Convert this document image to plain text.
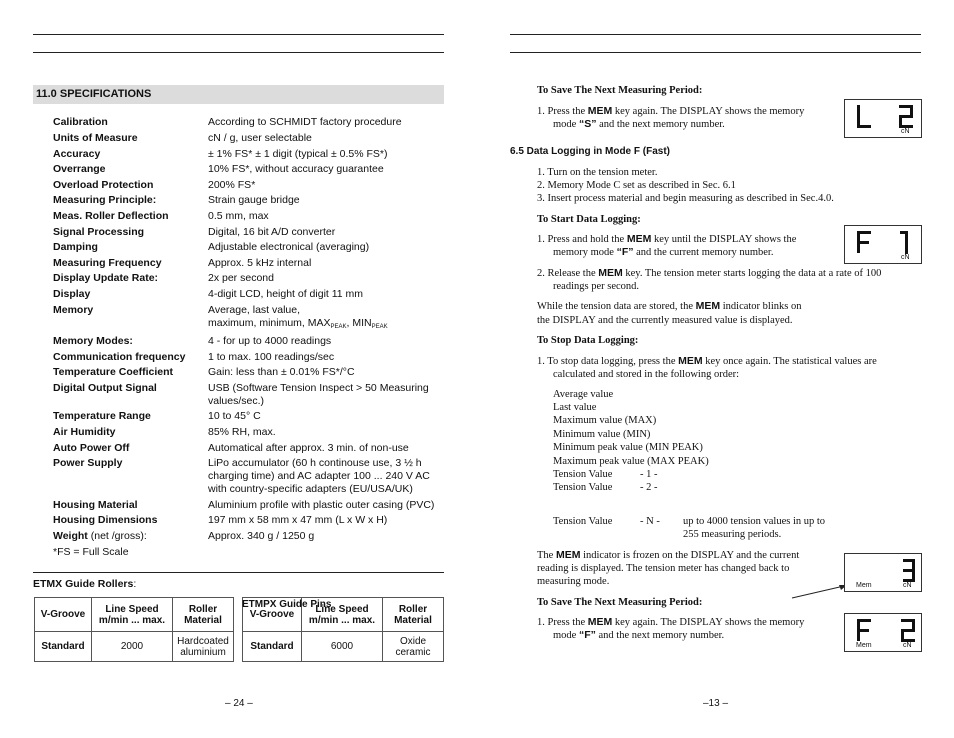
11.0 SPECIFICATIONS
Calibration	According to SCHMIDT factory procedure
Units of Measure	cN / g, user selectable
Accuracy	± 1% FS* ± 1 digit (typical ± 0.5% FS*)
Overrange	10% FS*, without accuracy guarantee
Overload Protection	200% FS*
Measuring Principle:	Strain gauge bridge
Meas. Roller Deflection	0.5 mm, max
Signal Processing	Digital, 16 bit A/D converter
Damping	Adjustable electronical (averaging)
Measuring Frequency	Approx. 5 kHz internal
Display Update Rate:	2x per second
Display	4-digit LCD, height of digit 11 mm
Memory	Average, last value,
maximum, minimum, $MAX_{PEAK}$, $MIN_{PEAK}$
Memory Modes:	4 - for up to 4000 readings
Communication frequency	1 to max. 100 readings/sec
Temperature Coefficient	Gain: less than ± 0.01% FS*/°C
Digital Output Signal	USB (Software Tension Inspect > 50 Measuring
values/sec.)
Temperature Range	10 to 45° C
Air Humidity	85% RH, max.
Auto Power Off	Automatical after approx. 3 min. of non-use
Power Supply	LiPo accumulator (60 h continouse use, 3 ½ h
charging time) and AC adapter 100 ... 240 V AC
with country-specific adapters (EU/USA/UK)
Housing Material	Aluminium profile with plastic outer casing (PVC)
Housing Dimensions	197 mm x 58 mm x 47 mm (L x W x H)
Weight (net /gross):	Approx. 340 g / 1250 g
*FS = Full Scale
ETMX Guide Rollers:
V-Groove	Line Speed m/min ... max.	Roller Material
Standard	2000	Hardcoated aluminium
V-Groove	Line Speed m/min ... max.	Roller Material
Standard	6000	Oxide ceramic
ETMPX Guide Pins
– 24 –
To Save The Next Measuring Period:
1. Press the MEM key again. The DISPLAY shows the memory
mode “S” and the next memory number.
cN
6.5 Data Logging in Mode F (Fast)
1. Turn on the tension meter.
2. Memory Mode C set as described in Sec. 6.1
3. Insert process material and begin measuring as described in Sec.4.0.
To Start Data Logging:
1. Press and hold the MEM key until the DISPLAY shows the
memory mode “F” and the current memory number.	cN
2. Release the MEM key. The tension meter starts logging the data at a rate of 100
readings per second.
While the tension data are stored, the MEM indicator blinks on
the DISPLAY and the currently measured value is displayed.
To Stop Data Logging:
1. To stop data logging, press the MEM key once again. The statistical values are
calculated and stored in the following order:
Average value
Last value
Maximum value (MAX)
Minimum value (MIN)
Minimum peak value (MIN PEAK)
Maximum peak value (MAX PEAK)
Tension Value	- 1 -
Tension Value	- 2 -
Tension Value	- N - up to 4000 tension values in up to
255 measuring periods.
The MEM indicator is frozen on the DISPLAY and the current
reading is displayed. The tension meter has changed back to
measuring mode.	Mem	cN
To Save The Next Measuring Period:
1. Press the MEM key again. The DISPLAY shows the memory
mode “F” and the next memory number.
Mem	cN
–13 –
